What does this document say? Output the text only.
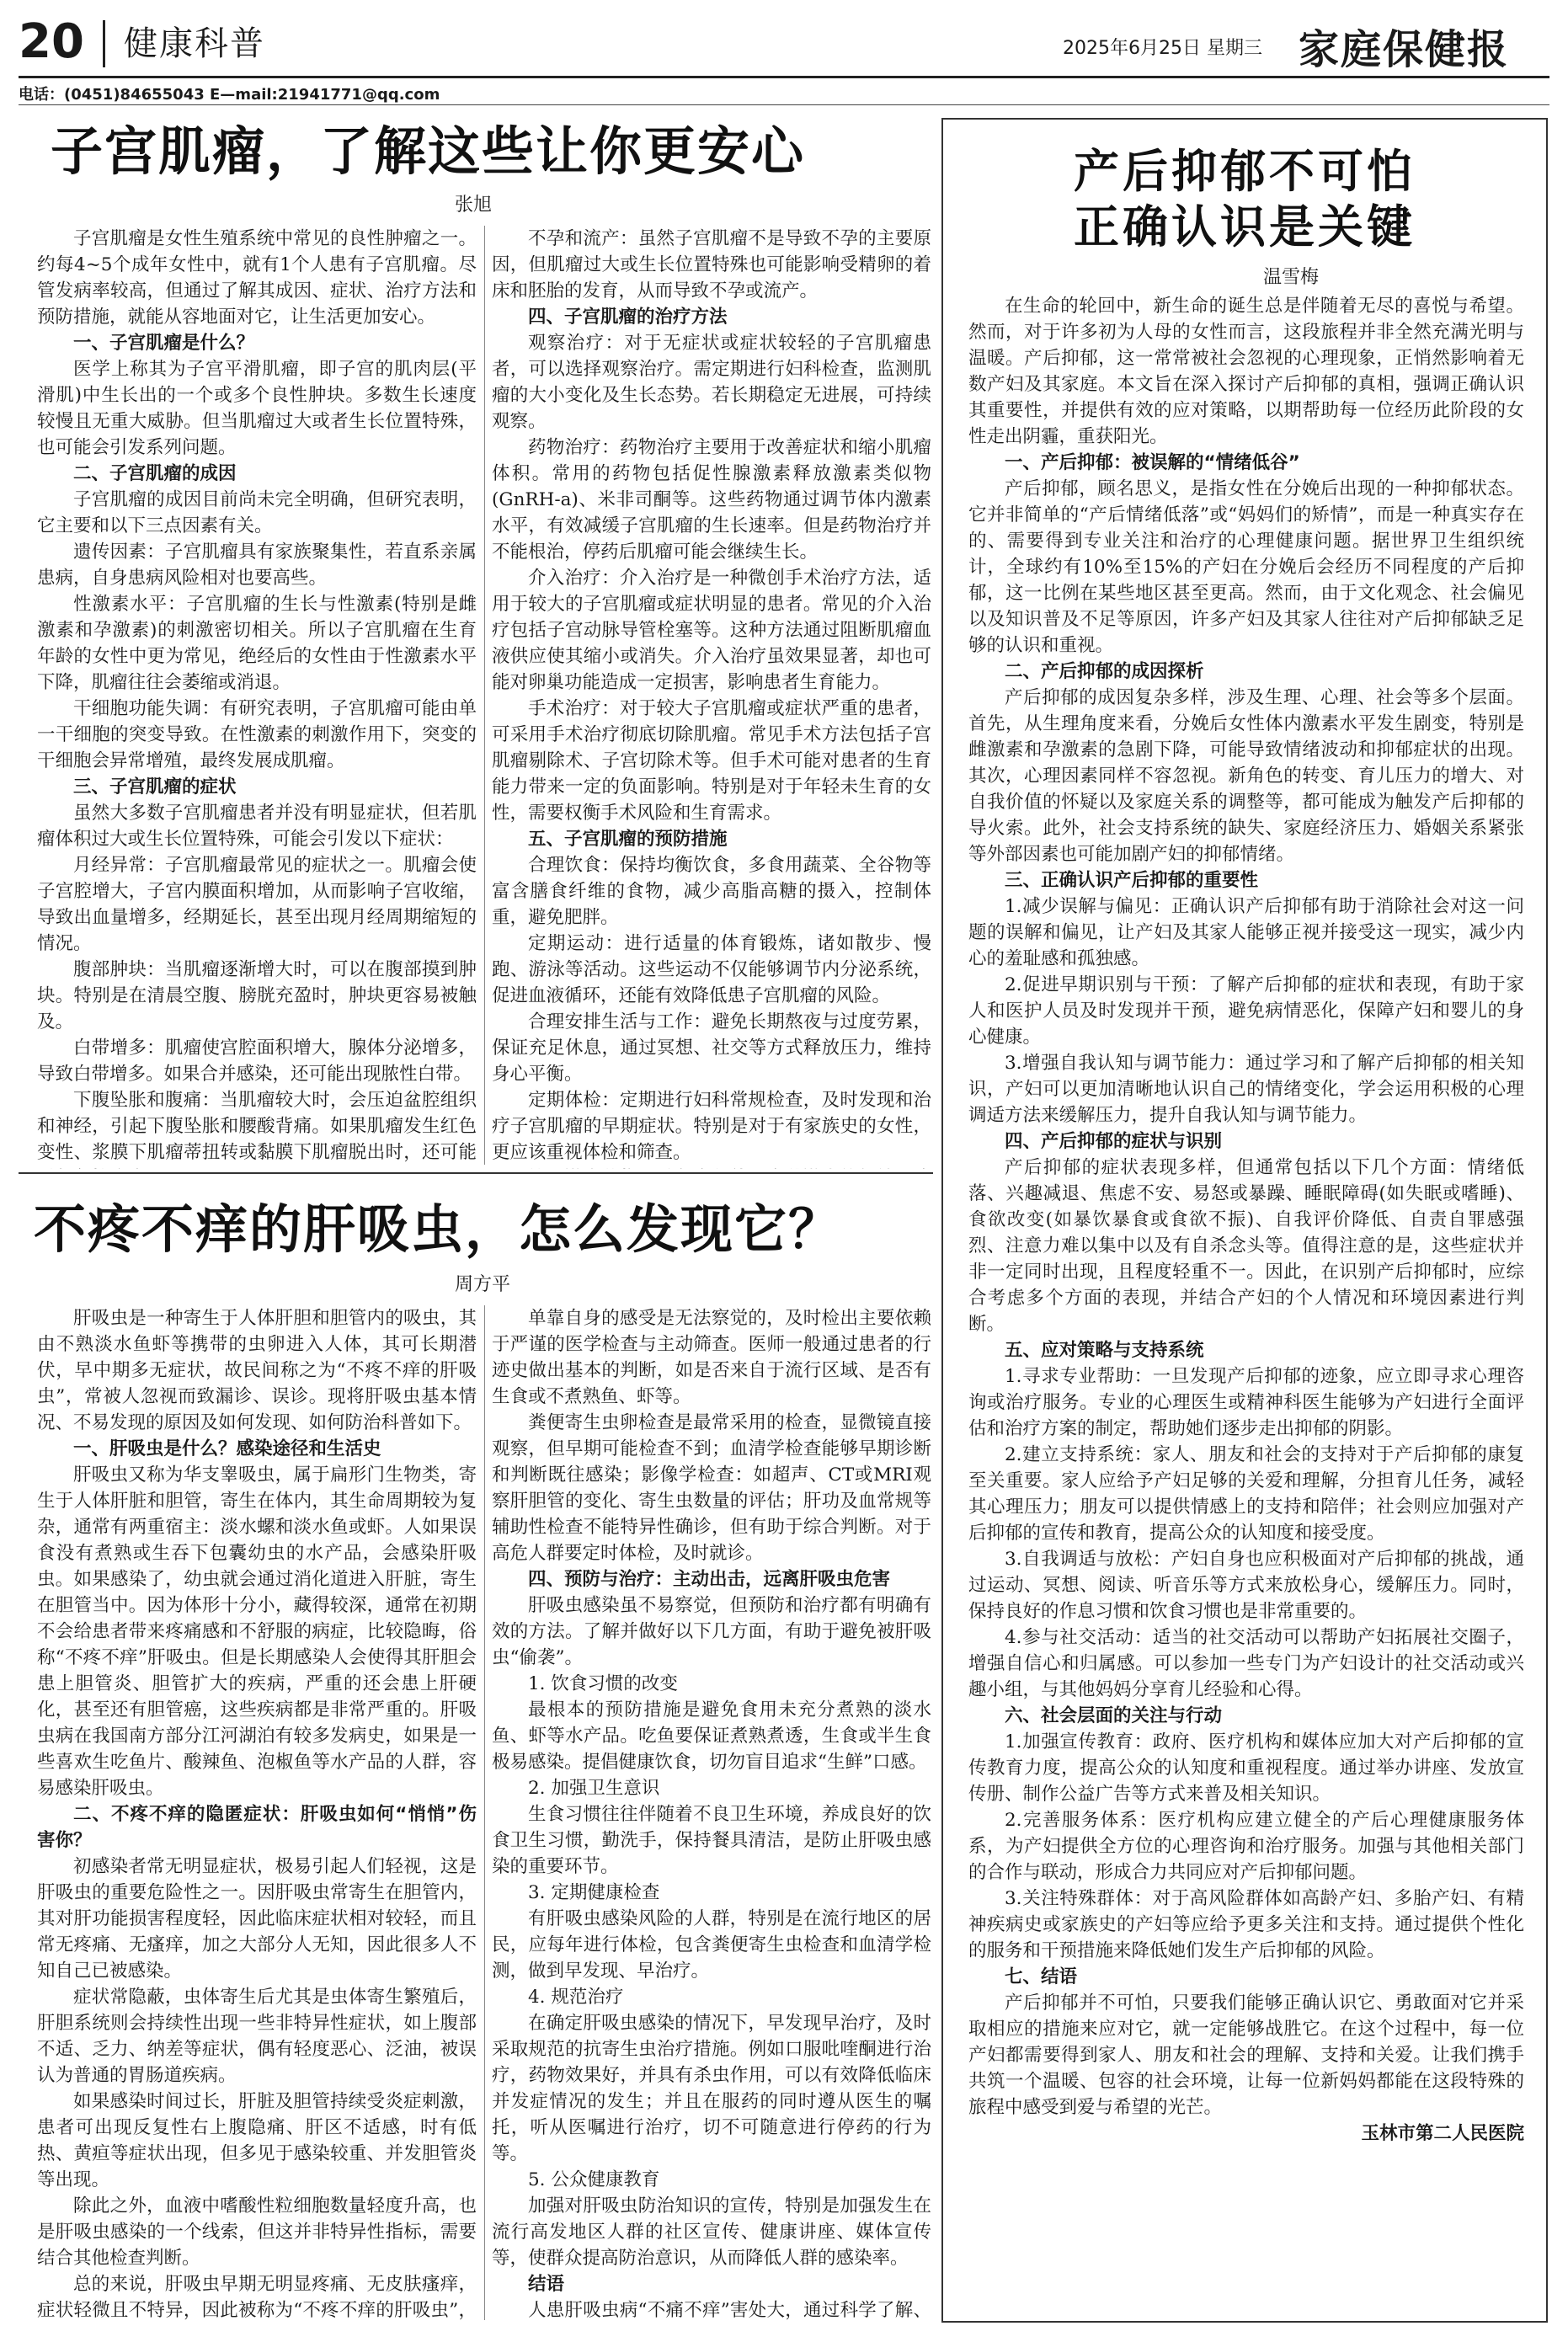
20 健康科普	2025年6月25日 星期三 家庭保健报
电话：(0451)84655043 E—mail:21941771@qq.com
子宫肌瘤，了解这些让你更安心
张旭

子宫肌瘤是女性生殖系统中常见的良性肿瘤之一。约每4~5个成年女性中，就有1个人患有子宫肌瘤。尽管发病率较高，但通过了解其成因、症状、治疗方法和预防措施，就能从容地面对它，让生活更加安心。

一、子宫肌瘤是什么？

医学上称其为子宫平滑肌瘤，即子宫的肌肉层(平滑肌)中生长出的一个或多个良性肿块。多数生长速度较慢且无重大威胁。但当肌瘤过大或者生长位置特殊，也可能会引发系列问题。

二、子宫肌瘤的成因

子宫肌瘤的成因目前尚未完全明确，但研究表明，它主要和以下三点因素有关。

遗传因素：子宫肌瘤具有家族聚集性，若直系亲属患病，自身患病风险相对也要高些。

性激素水平：子宫肌瘤的生长与性激素(特别是雌激素和孕激素)的刺激密切相关。所以子宫肌瘤在生育年龄的女性中更为常见，绝经后的女性由于性激素水平下降，肌瘤往往会萎缩或消退。

干细胞功能失调：有研究表明，子宫肌瘤可能由单一干细胞的突变导致。在性激素的刺激作用下，突变的干细胞会异常增殖，最终发展成肌瘤。

三、子宫肌瘤的症状

虽然大多数子宫肌瘤患者并没有明显症状，但若肌瘤体积过大或生长位置特殊，可能会引发以下症状：

月经异常：子宫肌瘤最常见的症状之一。肌瘤会使子宫腔增大，子宫内膜面积增加，从而影响子宫收缩，导致出血量增多，经期延长，甚至出现月经周期缩短的情况。

腹部肿块：当肌瘤逐渐增大时，可以在腹部摸到肿块。特别是在清晨空腹、膀胱充盈时，肿块更容易被触及。

白带增多：肌瘤使宫腔面积增大，腺体分泌增多，导致白带增多。如果合并感染，还可能出现脓性白带。

下腹坠胀和腹痛：当肌瘤较大时，会压迫盆腔组织和神经，引起下腹坠胀和腰酸背痛。如果肌瘤发生红色变性、浆膜下肌瘤蒂扭转或黏膜下肌瘤脱出时，还可能

不孕和流产：虽然子宫肌瘤不是导致不孕的主要原因，但肌瘤过大或生长位置特殊也可能影响受精卵的着床和胚胎的发育，从而导致不孕或流产。

四、子宫肌瘤的治疗方法

观察治疗：对于无症状或症状较轻的子宫肌瘤患者，可以选择观察治疗。需定期进行妇科检查，监测肌瘤的大小变化及生长态势。若长期稳定无进展，可持续观察。

药物治疗：药物治疗主要用于改善症状和缩小肌瘤体积。常用的药物包括促性腺激素释放激素类似物(GnRH-a)、米非司酮等。这些药物通过调节体内激素水平，有效减缓子宫肌瘤的生长速率。但是药物治疗并不能根治，停药后肌瘤可能会继续生长。

介入治疗：介入治疗是一种微创手术治疗方法，适用于较大的子宫肌瘤或症状明显的患者。常见的介入治疗包括子宫动脉导管栓塞等。这种方法通过阻断肌瘤血液供应使其缩小或消失。介入治疗虽效果显著，却也可能对卵巢功能造成一定损害，影响患者生育能力。

手术治疗：对于较大子宫肌瘤或症状严重的患者，可采用手术治疗彻底切除肌瘤。常见手术方法包括子宫肌瘤剔除术、子宫切除术等。但手术可能对患者的生育能力带来一定的负面影响。特别是对于年轻未生育的女性，需要权衡手术风险和生育需求。

五、子宫肌瘤的预防措施

合理饮食：保持均衡饮食，多食用蔬菜、全谷物等富含膳食纤维的食物，减少高脂高糖的摄入，控制体重，避免肥胖。

定期运动：进行适量的体育锻炼，诸如散步、慢跑、游泳等活动。这些运动不仅能够调节内分泌系统，促进血液循环，还能有效降低患子宫肌瘤的风险。

合理安排生活与工作：避免长期熬夜与过度劳累，保证充足休息，通过冥想、社交等方式释放压力，维持身心平衡。

定期体检：定期进行妇科常规检查，及时发现和治疗子宫肌瘤的早期症状。特别是对于有家族史的女性，更应该重视体检和筛查。

不疼不痒的肝吸虫，怎么发现它？
周方平

肝吸虫是一种寄生于人体肝胆和胆管内的吸虫，其由不熟淡水鱼虾等携带的虫卵进入人体，其可长期潜伏，早中期多无症状，故民间称之为“不疼不痒的肝吸虫”，常被人忽视而致漏诊、误诊。现将肝吸虫基本情况、不易发现的原因及如何发现、如何防治科普如下。

一、肝吸虫是什么？感染途径和生活史

肝吸虫又称为华支睾吸虫，属于扁形门生物类，寄生于人体肝脏和胆管，寄生在体内，其生命周期较为复杂，通常有两重宿主：淡水螺和淡水鱼或虾。人如果误食没有煮熟或生吞下包囊幼虫的水产品，会感染肝吸虫。如果感染了，幼虫就会通过消化道进入肝脏，寄生在胆管当中。因为体形十分小，藏得较深，通常在初期不会给患者带来疼痛感和不舒服的病症，比较隐晦，俗称“不疼不痒”肝吸虫。但是长期感染人会使得其肝胆会患上胆管炎、胆管扩大的疾病，严重的还会患上肝硬化，甚至还有胆管癌，这些疾病都是非常严重的。肝吸虫病在我国南方部分江河湖泊有较多发病史，如果是一些喜欢生吃鱼片、酸辣鱼、泡椒鱼等水产品的人群，容易感染肝吸虫。

二、不疼不痒的隐匿症状：肝吸虫如何“悄悄”伤害你？

初感染者常无明显症状，极易引起人们轻视，这是肝吸虫的重要危险性之一。因肝吸虫常寄生在胆管内，其对肝功能损害程度轻，因此临床症状相对较轻，而且常无疼痛、无瘙痒，加之大部分人无知，因此很多人不知自己已被感染。

症状常隐蔽，虫体寄生后尤其是虫体寄生繁殖后，肝胆系统则会持续性出现一些非特异性症状，如上腹部不适、乏力、纳差等症状，偶有轻度恶心、泛油，被误认为普通的胃肠道疾病。

如果感染时间过长，肝脏及胆管持续受炎症刺激，患者可出现反复性右上腹隐痛、肝区不适感，时有低热、黄疸等症状出现，但多见于感染较重、并发胆管炎等出现。

除此之外，血液中嗜酸性粒细胞数量轻度升高，也是肝吸虫感染的一个线索，但这并非特异性指标，需要结合其他检查判断。

总的来说，肝吸虫早期无明显疼痛、无皮肤瘙痒，症状轻微且不特异，因此被称为“不疼不痒的肝吸虫”，

单靠自身的感受是无法察觉的，及时检出主要依赖于严谨的医学检查与主动筛查。医师一般通过患者的行迹史做出基本的判断，如是否来自于流行区域、是否有生食或不煮熟鱼、虾等。

粪便寄生虫卵检查是最常采用的检查，显微镜直接观察，但早期可能检查不到；血清学检查能够早期诊断和判断既往感染；影像学检查：如超声、CT或MRI观察肝胆管的变化、寄生虫数量的评估；肝功及血常规等辅助性检查不能特异性确诊，但有助于综合判断。对于高危人群要定时体检，及时就诊。

四、预防与治疗：主动出击，远离肝吸虫危害

肝吸虫感染虽不易察觉，但预防和治疗都有明确有效的方法。了解并做好以下几方面，有助于避免被肝吸虫“偷袭”。

1. 饮食习惯的改变

最根本的预防措施是避免食用未充分煮熟的淡水鱼、虾等水产品。吃鱼要保证煮熟煮透，生食或半生食极易感染。提倡健康饮食，切勿盲目追求“生鲜”口感。

2. 加强卫生意识

生食习惯往往伴随着不良卫生环境，养成良好的饮食卫生习惯，勤洗手，保持餐具清洁，是防止肝吸虫感染的重要环节。

3. 定期健康检查

有肝吸虫感染风险的人群，特别是在流行地区的居民，应每年进行体检，包含粪便寄生虫检查和血清学检测，做到早发现、早治疗。

4. 规范治疗

在确定肝吸虫感染的情况下，早发现早治疗，及时采取规范的抗寄生虫治疗措施。例如口服吡喹酮进行治疗，药物效果好，并具有杀虫作用，可以有效降低临床并发症情况的发生；并且在服药的同时遵从医生的嘱托，听从医嘱进行治疗，切不可随意进行停药的行为等。

5. 公众健康教育

加强对肝吸虫防治知识的宣传，特别是加强发生在流行高发地区人群的社区宣传、健康讲座、媒体宣传等，使群众提高防治意识，从而降低人群的感染率。

结语

人患肝吸虫病“不痛不痒”害处大，通过科学了解、

产后抑郁不可怕
正确认识是关键
温雪梅

在生命的轮回中，新生命的诞生总是伴随着无尽的喜悦与希望。然而，对于许多初为人母的女性而言，这段旅程并非全然充满光明与温暖。产后抑郁，这一常常被社会忽视的心理现象，正悄然影响着无数产妇及其家庭。本文旨在深入探讨产后抑郁的真相，强调正确认识其重要性，并提供有效的应对策略，以期帮助每一位经历此阶段的女性走出阴霾，重获阳光。

一、产后抑郁：被误解的“情绪低谷”

产后抑郁，顾名思义，是指女性在分娩后出现的一种抑郁状态。它并非简单的“产后情绪低落”或“妈妈们的矫情”，而是一种真实存在的、需要得到专业关注和治疗的心理健康问题。据世界卫生组织统计，全球约有10%至15%的产妇在分娩后会经历不同程度的产后抑郁，这一比例在某些地区甚至更高。然而，由于文化观念、社会偏见以及知识普及不足等原因，许多产妇及其家人往往对产后抑郁缺乏足够的认识和重视。

二、产后抑郁的成因探析

产后抑郁的成因复杂多样，涉及生理、心理、社会等多个层面。首先，从生理角度来看，分娩后女性体内激素水平发生剧变，特别是雌激素和孕激素的急剧下降，可能导致情绪波动和抑郁症状的出现。其次，心理因素同样不容忽视。新角色的转变、育儿压力的增大、对自我价值的怀疑以及家庭关系的调整等，都可能成为触发产后抑郁的导火索。此外，社会支持系统的缺失、家庭经济压力、婚姻关系紧张等外部因素也可能加剧产妇的抑郁情绪。

三、正确认识产后抑郁的重要性

1.减少误解与偏见：正确认识产后抑郁有助于消除社会对这一问题的误解和偏见，让产妇及其家人能够正视并接受这一现实，减少内心的羞耻感和孤独感。

2.促进早期识别与干预：了解产后抑郁的症状和表现，有助于家人和医护人员及时发现并干预，避免病情恶化，保障产妇和婴儿的身心健康。

3.增强自我认知与调节能力：通过学习和了解产后抑郁的相关知识，产妇可以更加清晰地认识自己的情绪变化，学会运用积极的心理调适方法来缓解压力，提升自我认知与调节能力。

四、产后抑郁的症状与识别

产后抑郁的症状表现多样，但通常包括以下几个方面：情绪低落、兴趣减退、焦虑不安、易怒或暴躁、睡眠障碍(如失眠或嗜睡)、食欲改变(如暴饮暴食或食欲不振)、自我评价降低、自责自罪感强烈、注意力难以集中以及有自杀念头等。值得注意的是，这些症状并非一定同时出现，且程度轻重不一。因此，在识别产后抑郁时，应综合考虑多个方面的表现，并结合产妇的个人情况和环境因素进行判断。

五、应对策略与支持系统

1.寻求专业帮助：一旦发现产后抑郁的迹象，应立即寻求心理咨询或治疗服务。专业的心理医生或精神科医生能够为产妇进行全面评估和治疗方案的制定，帮助她们逐步走出抑郁的阴影。

2.建立支持系统：家人、朋友和社会的支持对于产后抑郁的康复至关重要。家人应给予产妇足够的关爱和理解，分担育儿任务，减轻其心理压力；朋友可以提供情感上的支持和陪伴；社会则应加强对产后抑郁的宣传和教育，提高公众的认知度和接受度。

3.自我调适与放松：产妇自身也应积极面对产后抑郁的挑战，通过运动、冥想、阅读、听音乐等方式来放松身心，缓解压力。同时，保持良好的作息习惯和饮食习惯也是非常重要的。

4.参与社交活动：适当的社交活动可以帮助产妇拓展社交圈子，增强自信心和归属感。可以参加一些专门为产妇设计的社交活动或兴趣小组，与其他妈妈分享育儿经验和心得。

六、社会层面的关注与行动

1.加强宣传教育：政府、医疗机构和媒体应加大对产后抑郁的宣传教育力度，提高公众的认知度和重视程度。通过举办讲座、发放宣传册、制作公益广告等方式来普及相关知识。

2.完善服务体系：医疗机构应建立健全的产后心理健康服务体系，为产妇提供全方位的心理咨询和治疗服务。加强与其他相关部门的合作与联动，形成合力共同应对产后抑郁问题。

3.关注特殊群体：对于高风险群体如高龄产妇、多胎产妇、有精神疾病史或家族史的产妇等应给予更多关注和支持。通过提供个性化的服务和干预措施来降低她们发生产后抑郁的风险。

七、结语

产后抑郁并不可怕，只要我们能够正确认识它、勇敢面对它并采取相应的措施来应对它，就一定能够战胜它。在这个过程中，每一位产妇都需要得到家人、朋友和社会的理解、支持和关爱。让我们携手共筑一个温暖、包容的社会环境，让每一位新妈妈都能在这段特殊的旅程中感受到爱与希望的光芒。

玉林市第二人民医院
